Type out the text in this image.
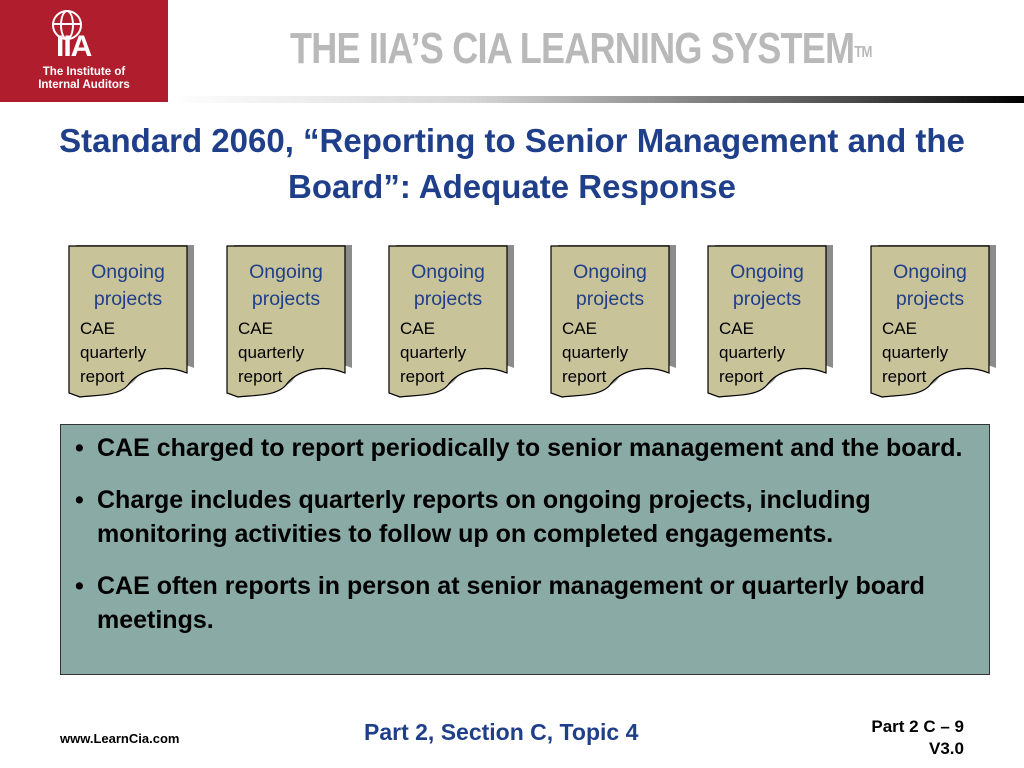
IIA
The Institute of
Internal Auditors
THE IIA’S CIA LEARNING SYSTEM™
Standard 2060, “Reporting to Senior Management and the Board”: Adequate Response
Ongoing
projects
CAE
quarterly
report
Ongoing
projects
CAE
quarterly
report
Ongoing
projects
CAE
quarterly
report
Ongoing
projects
CAE
quarterly
report
Ongoing
projects
CAE
quarterly
report
Ongoing
projects
CAE
quarterly
report
• CAE charged to report periodically to senior management and the board.
• Charge includes quarterly reports on ongoing projects, including monitoring activities to follow up on completed engagements.
• CAE often reports in person at senior management or quarterly board meetings.
www.LearnCia.com	Part 2, Section C, Topic 4	Part 2 C – 9
V3.0
